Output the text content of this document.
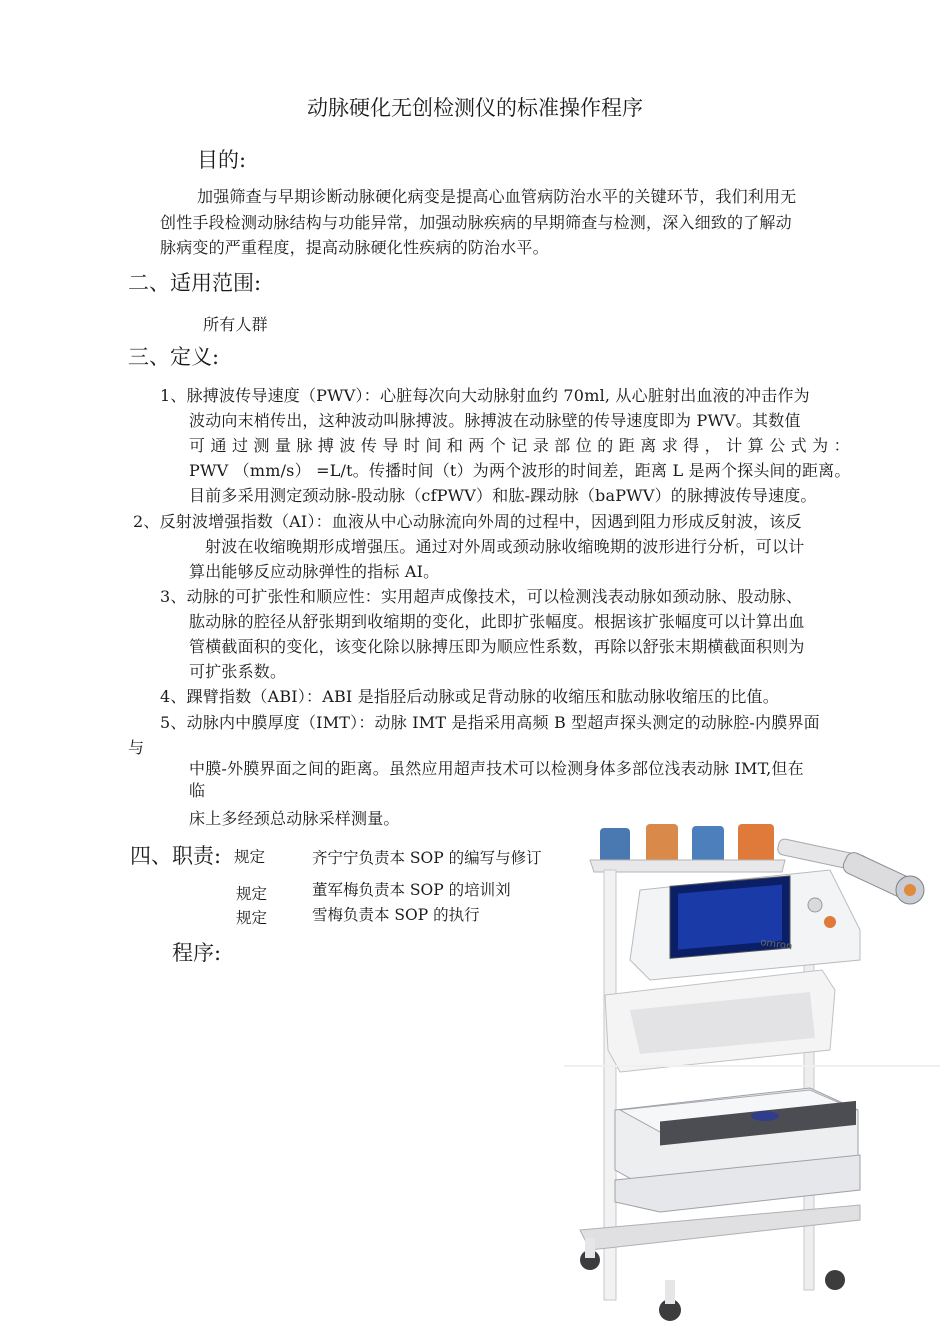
动脉硬化无创检测仪的标准操作程序
目的:
加强筛查与早期诊断动脉硬化病变是提高心血管病防治水平的关键环节，我们利用无
创性手段检测动脉结构与功能异常，加强动脉疾病的早期筛查与检测，深入细致的了解动
脉病变的严重程度，提高动脉硬化性疾病的防治水平。
二、适用范围:
所有人群
三、定义:
1、脉搏波传导速度（PWV）：心脏每次向大动脉射血约 70ml, 从心脏射出血液的冲击作为
波动向末梢传出，这种波动叫脉搏波。脉搏波在动脉壁的传导速度即为 PWV。其数值
可 通 过 测 量 脉 搏 波 传 导 时 间 和 两 个 记 录 部 位 的 距 离 求 得 ， 计 算 公 式 为 ：
PWV （mm/s） =L/t。传播时间（t）为两个波形的时间差，距离 L 是两个探头间的距离。
目前多采用测定颈动脉-股动脉（cfPWV）和肱-踝动脉（baPWV）的脉搏波传导速度。
2、反射波增强指数（AI）：血液从中心动脉流向外周的过程中，因遇到阻力形成反射波，该反
射波在收缩晚期形成增强压。通过对外周或颈动脉收缩晚期的波形进行分析，可以计
算出能够反应动脉弹性的指标 AI。
3、动脉的可扩张性和顺应性：实用超声成像技术，可以检测浅表动脉如颈动脉、股动脉、
肱动脉的腔径从舒张期到收缩期的变化，此即扩张幅度。根据该扩张幅度可以计算出血
管横截面积的变化，该变化除以脉搏压即为顺应性系数，再除以舒张末期横截面积则为
可扩张系数。
4、踝臂指数（ABI）：ABI 是指胫后动脉或足背动脉的收缩压和肱动脉收缩压的比值。
5、动脉内中膜厚度（IMT）：动脉 IMT 是指采用高频 B 型超声探头测定的动脉腔-内膜界面
与
中膜-外膜界面之间的距离。虽然应用超声技术可以检测身体多部位浅表动脉 IMT,但在
临
床上多经颈总动脉采样测量。
四、职责: 规定	齐宁宁负责本 SOP 的编写与修订
规定	董军梅负责本 SOP 的培训刘
规定	雪梅负责本 SOP 的执行
程序:	omron
